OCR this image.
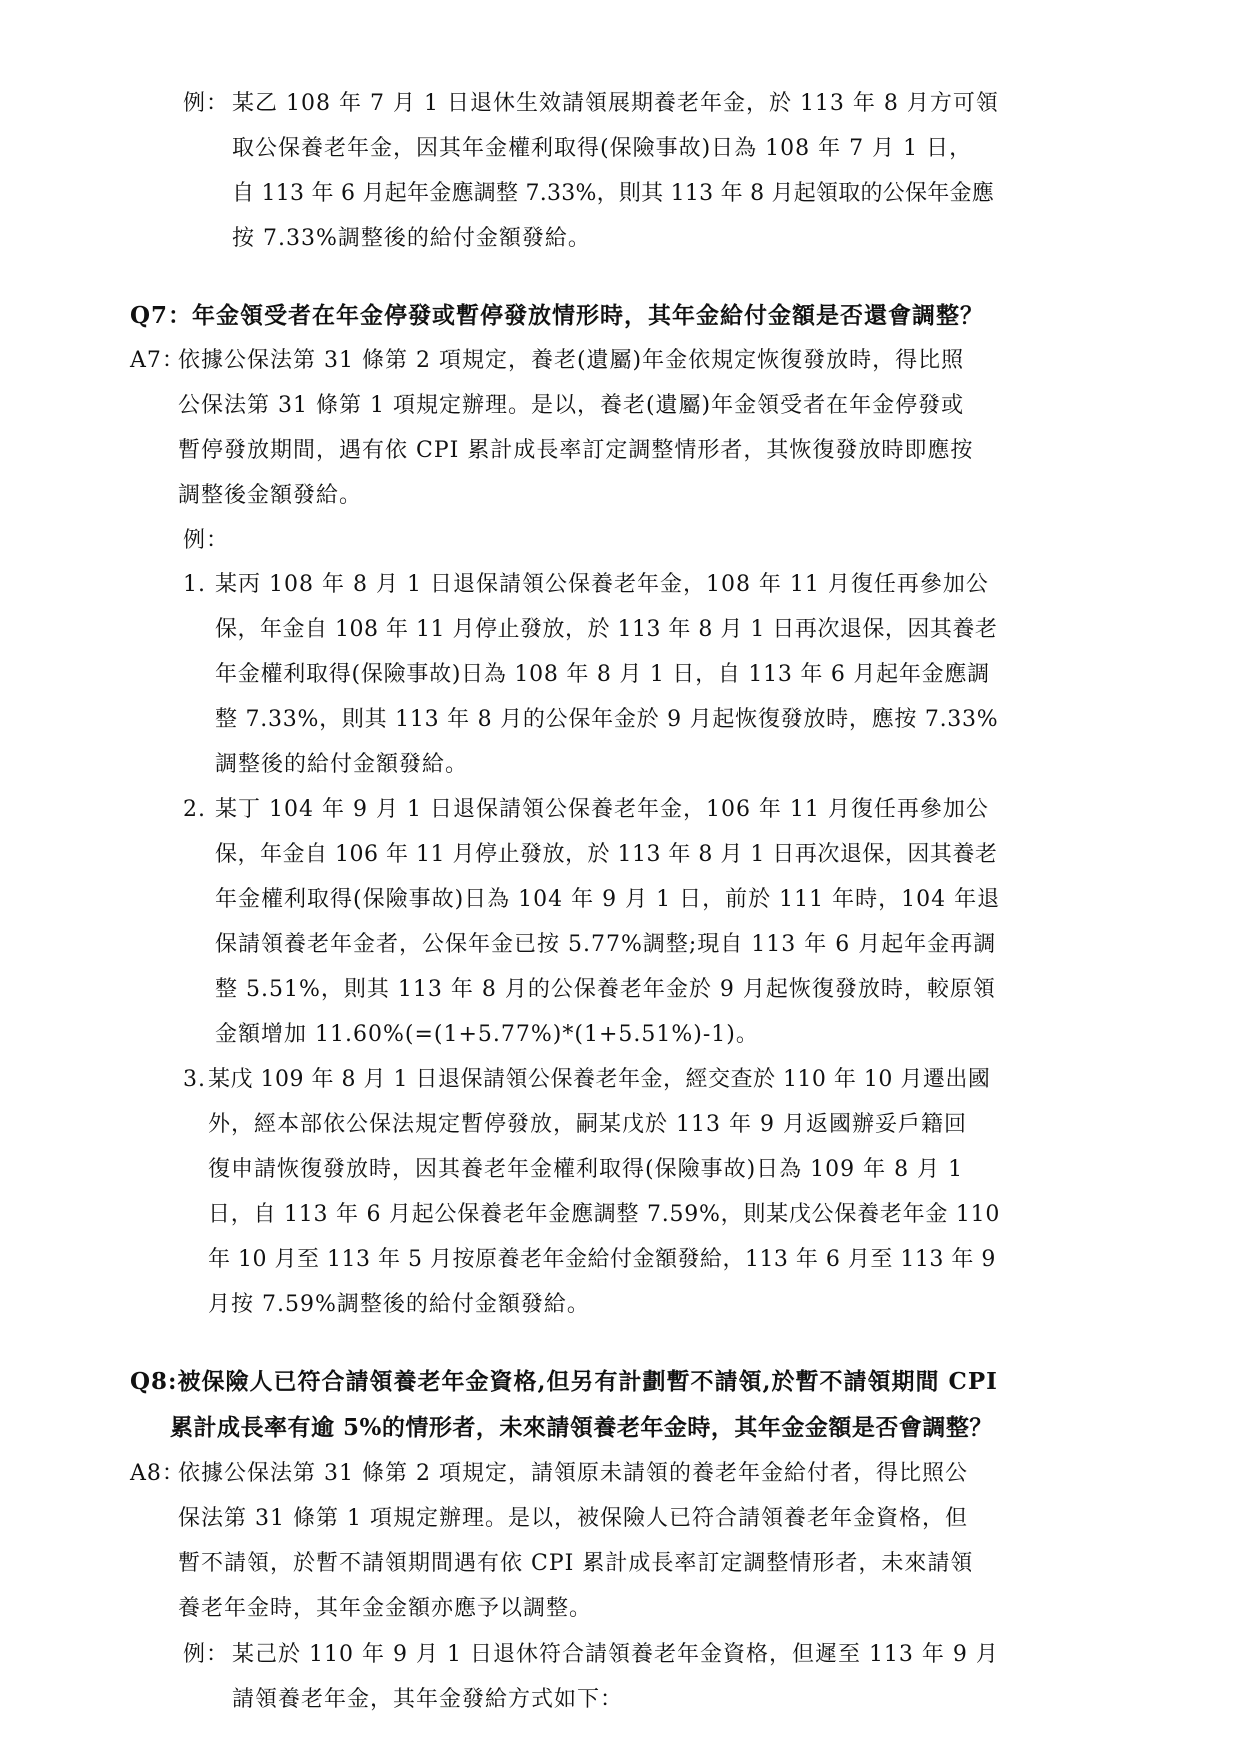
例： 某乙 108 年 7 月 1 日退休生效請領展期養老年金，於 113 年 8 月方可領
取公保養老年金，因其年金權利取得(保險事故)日為 108 年 7 月 1 日，
自 113 年 6 月起年金應調整 7.33%，則其 113 年 8 月起領取的公保年金應
按 7.33%調整後的給付金額發給。
Q7：年金領受者在年金停發或暫停發放情形時，其年金給付金額是否還會調整？
A7：
依據公保法第 31 條第 2 項規定，養老(遺屬)年金依規定恢復發放時，得比照
公保法第 31 條第 1 項規定辦理。是以，養老(遺屬)年金領受者在年金停發或
暫停發放期間，遇有依 CPI 累計成長率訂定調整情形者，其恢復發放時即應按
調整後金額發給。
例：
1. 某丙 108 年 8 月 1 日退保請領公保養老年金，108 年 11 月復任再參加公
保，年金自 108 年 11 月停止發放，於 113 年 8 月 1 日再次退保，因其養老
年金權利取得(保險事故)日為 108 年 8 月 1 日，自 113 年 6 月起年金應調
整 7.33%，則其 113 年 8 月的公保年金於 9 月起恢復發放時，應按 7.33%
調整後的給付金額發給。
2. 某丁 104 年 9 月 1 日退保請領公保養老年金，106 年 11 月復任再參加公
保，年金自 106 年 11 月停止發放，於 113 年 8 月 1 日再次退保，因其養老
年金權利取得(保險事故)日為 104 年 9 月 1 日，前於 111 年時，104 年退
保請領養老年金者，公保年金已按 5.77%調整;現自 113 年 6 月起年金再調
整 5.51%，則其 113 年 8 月的公保養老年金於 9 月起恢復發放時，較原領
金額增加 11.60%(=(1+5.77%)*(1+5.51%)-1)。
3. 某戊 109 年 8 月 1 日退保請領公保養老年金，經交查於 110 年 10 月遷出國
外，經本部依公保法規定暫停發放，嗣某戊於 113 年 9 月返國辦妥戶籍回
復申請恢復發放時，因其養老年金權利取得(保險事故)日為 109 年 8 月 1
日，自 113 年 6 月起公保養老年金應調整 7.59%，則某戊公保養老年金 110
年 10 月至 113 年 5 月按原養老年金給付金額發給，113 年 6 月至 113 年 9
月按 7.59%調整後的給付金額發給。
Q8:被保險人已符合請領養老年金資格,但另有計劃暫不請領,於暫不請領期間 CPI
累計成長率有逾 5%的情形者，未來請領養老年金時，其年金金額是否會調整？
A8：
依據公保法第 31 條第 2 項規定，請領原未請領的養老年金給付者，得比照公
保法第 31 條第 1 項規定辦理。是以，被保險人已符合請領養老年金資格，但
暫不請領，於暫不請領期間遇有依 CPI 累計成長率訂定調整情形者，未來請領
養老年金時，其年金金額亦應予以調整。
例： 某己於 110 年 9 月 1 日退休符合請領養老年金資格，但遲至 113 年 9 月
請領養老年金，其年金發給方式如下：
